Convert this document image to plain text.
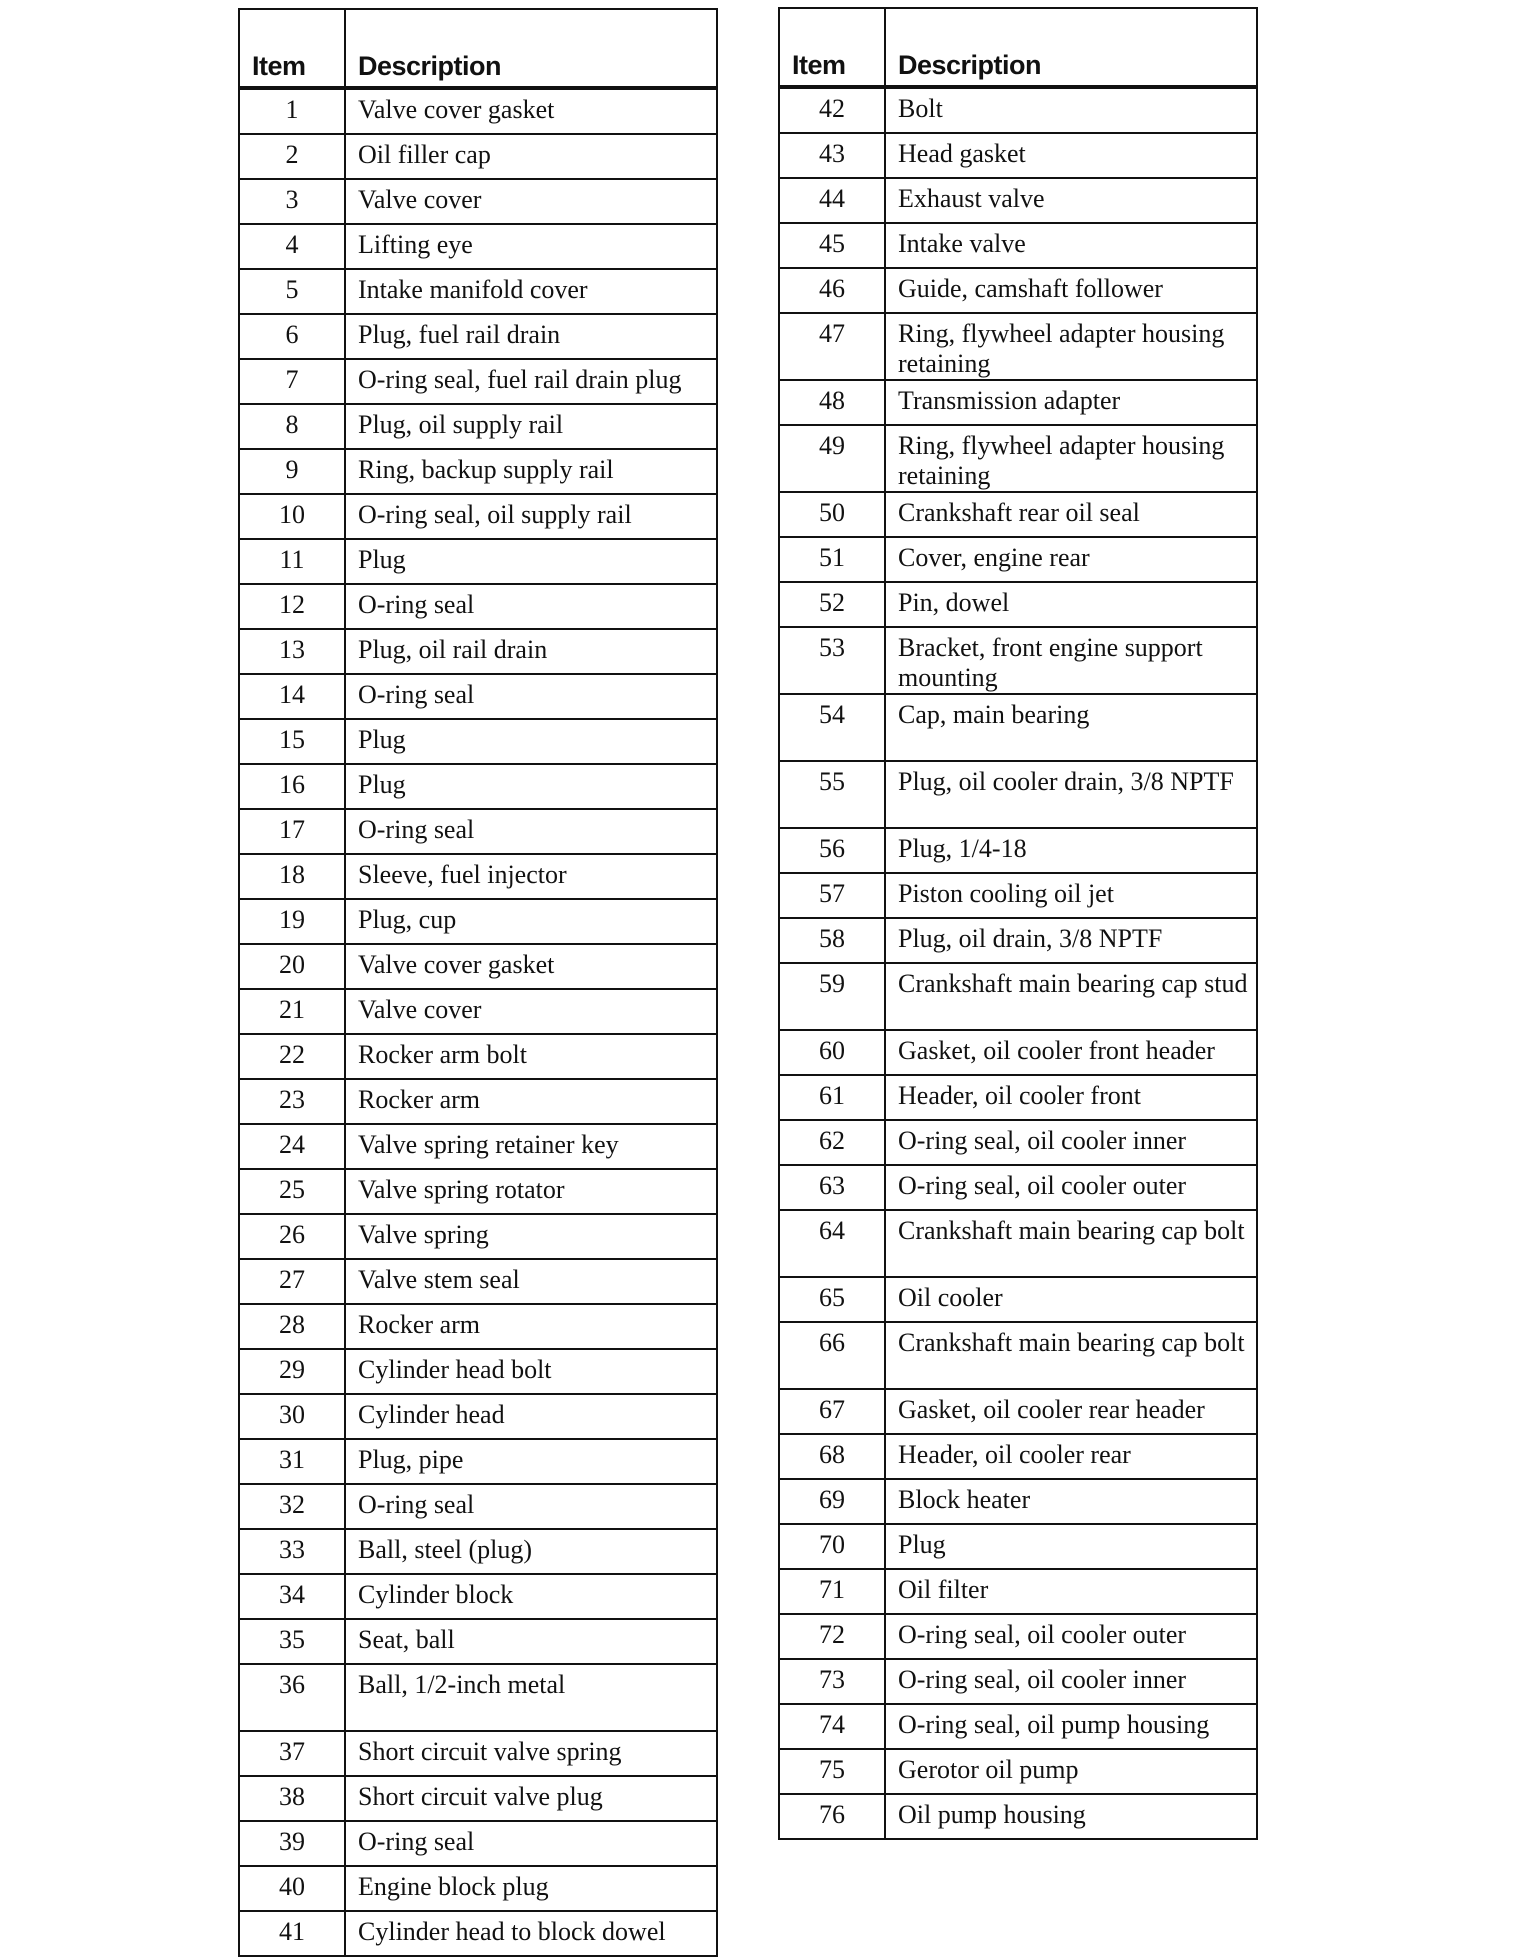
Item	Description
1	Valve cover gasket
2	Oil filler cap
3	Valve cover
4	Lifting eye
5	Intake manifold cover
6	Plug, fuel rail drain
7	O-ring seal, fuel rail drain plug
8	Plug, oil supply rail
9	Ring, backup supply rail
10	O-ring seal, oil supply rail
11	Plug
12	O-ring seal
13	Plug, oil rail drain
14	O-ring seal
15	Plug
16	Plug
17	O-ring seal
18	Sleeve, fuel injector
19	Plug, cup
20	Valve cover gasket
21	Valve cover
22	Rocker arm bolt
23	Rocker arm
24	Valve spring retainer key
25	Valve spring rotator
26	Valve spring
27	Valve stem seal
28	Rocker arm
29	Cylinder head bolt
30	Cylinder head
31	Plug, pipe
32	O-ring seal
33	Ball, steel (plug)
34	Cylinder block
35	Seat, ball
36	Ball, 1/2-inch metal
37	Short circuit valve spring
38	Short circuit valve plug
39	O-ring seal
40	Engine block plug
41	Cylinder head to block dowel
Item	Description
42	Bolt
43	Head gasket
44	Exhaust valve
45	Intake valve
46	Guide, camshaft follower
47	Ring, flywheel adapter housing retaining
48	Transmission adapter
49	Ring, flywheel adapter housing retaining
50	Crankshaft rear oil seal
51	Cover, engine rear
52	Pin, dowel
53	Bracket, front engine support mounting
54	Cap, main bearing
55	Plug, oil cooler drain, 3/8 NPTF
56	Plug, 1/4-18
57	Piston cooling oil jet
58	Plug, oil drain, 3/8 NPTF
59	Crankshaft main bearing cap stud
60	Gasket, oil cooler front header
61	Header, oil cooler front
62	O-ring seal, oil cooler inner
63	O-ring seal, oil cooler outer
64	Crankshaft main bearing cap bolt
65	Oil cooler
66	Crankshaft main bearing cap bolt
67	Gasket, oil cooler rear header
68	Header, oil cooler rear
69	Block heater
70	Plug
71	Oil filter
72	O-ring seal, oil cooler outer
73	O-ring seal, oil cooler inner
74	O-ring seal, oil pump housing
75	Gerotor oil pump
76	Oil pump housing
